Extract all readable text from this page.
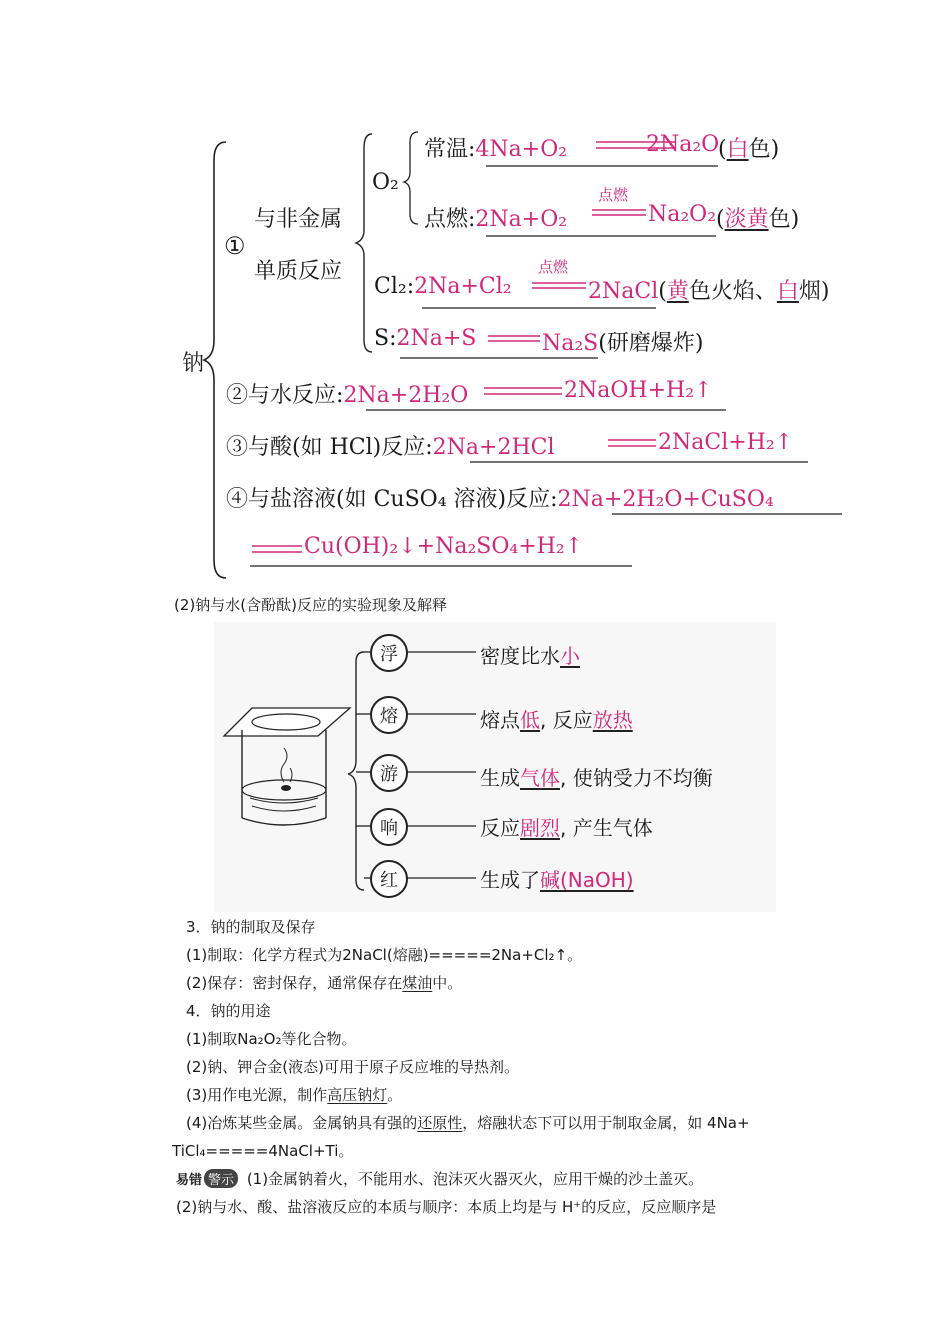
钠
①
与非金属
单质反应
O₂
常温:4Na+O₂	2Na₂O
(白色)
点燃
点燃:2Na+O₂	Na₂O₂ (淡黄色)
点燃
Cl₂:2Na+Cl₂	2NaCl(黄色火焰、白烟)
S:2Na+S	Na₂S(研磨爆炸)
②与水反应:2Na+2H₂O	2NaOH+H₂↑
③与酸(如 HCl)反应:2Na+2HCl	2NaCl+H₂↑
④与盐溶液(如 CuSO₄ 溶液)反应:2Na+2H₂O+CuSO₄
Cu(OH)₂↓+Na₂SO₄+H₂↑
(2)钠与水(含酚酞)反应的实验现象及解释
浮
熔
游
响
红
密度比水小
熔点低, 反应放热
生成气体, 使钠受力不均衡
反应剧烈, 产生气体
生成了碱(NaOH)
3．钠的制取及保存
(1)制取：化学方程式为2NaCl(熔融)=====2Na+Cl₂↑。
(2)保存：密封保存，通常保存在煤油中。
4．钠的用途
(1)制取Na₂O₂等化合物。
(2)钠、钾合金(液态)可用于原子反应堆的导热剂。
(3)用作电光源，制作高压钠灯。
(4)冶炼某些金属。金属钠具有强的还原性，熔融状态下可以用于制取金属，如 4Na+
TiCl₄=====4NaCl+Ti。
易错 警示 (1)金属钠着火，不能用水、泡沫灭火器灭火，应用干燥的沙土盖灭。
(2)钠与水、酸、盐溶液反应的本质与顺序：本质上均是与 H⁺的反应，反应顺序是
